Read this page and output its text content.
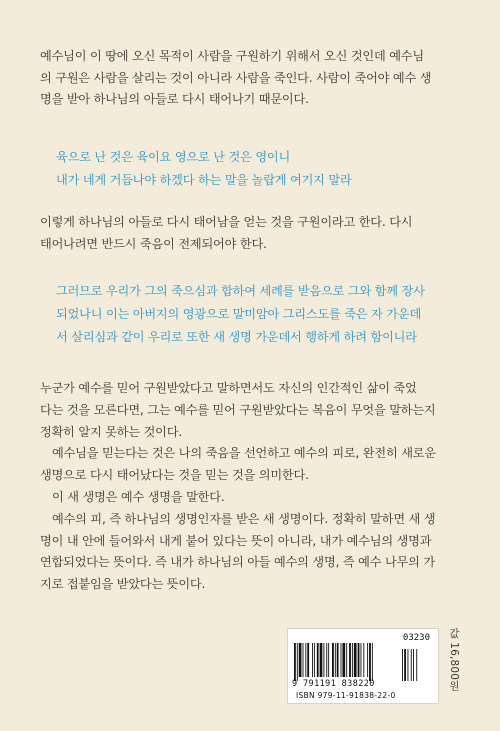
예수님이 이 땅에 오신 목적이 사람을 구원하기 위해서 오신 것인데 예수님
의 구원은 사람을 살리는 것이 아니라 사람을 죽인다. 사람이 죽어야 예수 생
명을 받아 하나님의 아들로 다시 태어나기 때문이다.
육으로 난 것은 육이요 영으로 난 것은 영이니
내가 네게 거듭나야 하겠다 하는 말을 놀랍게 여기지 말라
이렇게 하나님의 아들로 다시 태어남을 얻는 것을 구원이라고 한다. 다시
태어나려면 반드시 죽음이 전제되어야 한다.
그러므로 우리가 그의 죽으심과 합하여 세례를 받음으로 그와 함께 장사
되었나니 이는 아버지의 영광으로 말미암아 그리스도를 죽은 자 가운데
서 살리심과 같이 우리로 또한 새 생명 가운데서 행하게 하려 함이니라
누군가 예수를 믿어 구원받았다고 말하면서도 자신의 인간적인 삶이 죽었
다는 것을 모른다면, 그는 예수를 믿어 구원받았다는 복음이 무엇을 말하는지
정확히 알지 못하는 것이다.
예수님을 믿는다는 것은 나의 죽음을 선언하고 예수의 피로, 완전히 새로운
생명으로 다시 태어났다는 것을 믿는 것을 의미한다.
이 새 생명은 예수 생명을 말한다.
예수의 피, 즉 하나님의 생명인자를 받은 새 생명이다. 정확히 말하면 새 생
명이 내 안에 들어와서 내게 붙어 있다는 뜻이 아니라, 내가 예수님의 생명과
연합되었다는 뜻이다. 즉 내가 하나님의 아들 예수의 생명, 즉 예수 나무의 가
지로 접붙임을 받았다는 뜻이다.
03230
9 791191 838220
ISBN 979-11-91838-22-0
값 16,800원
